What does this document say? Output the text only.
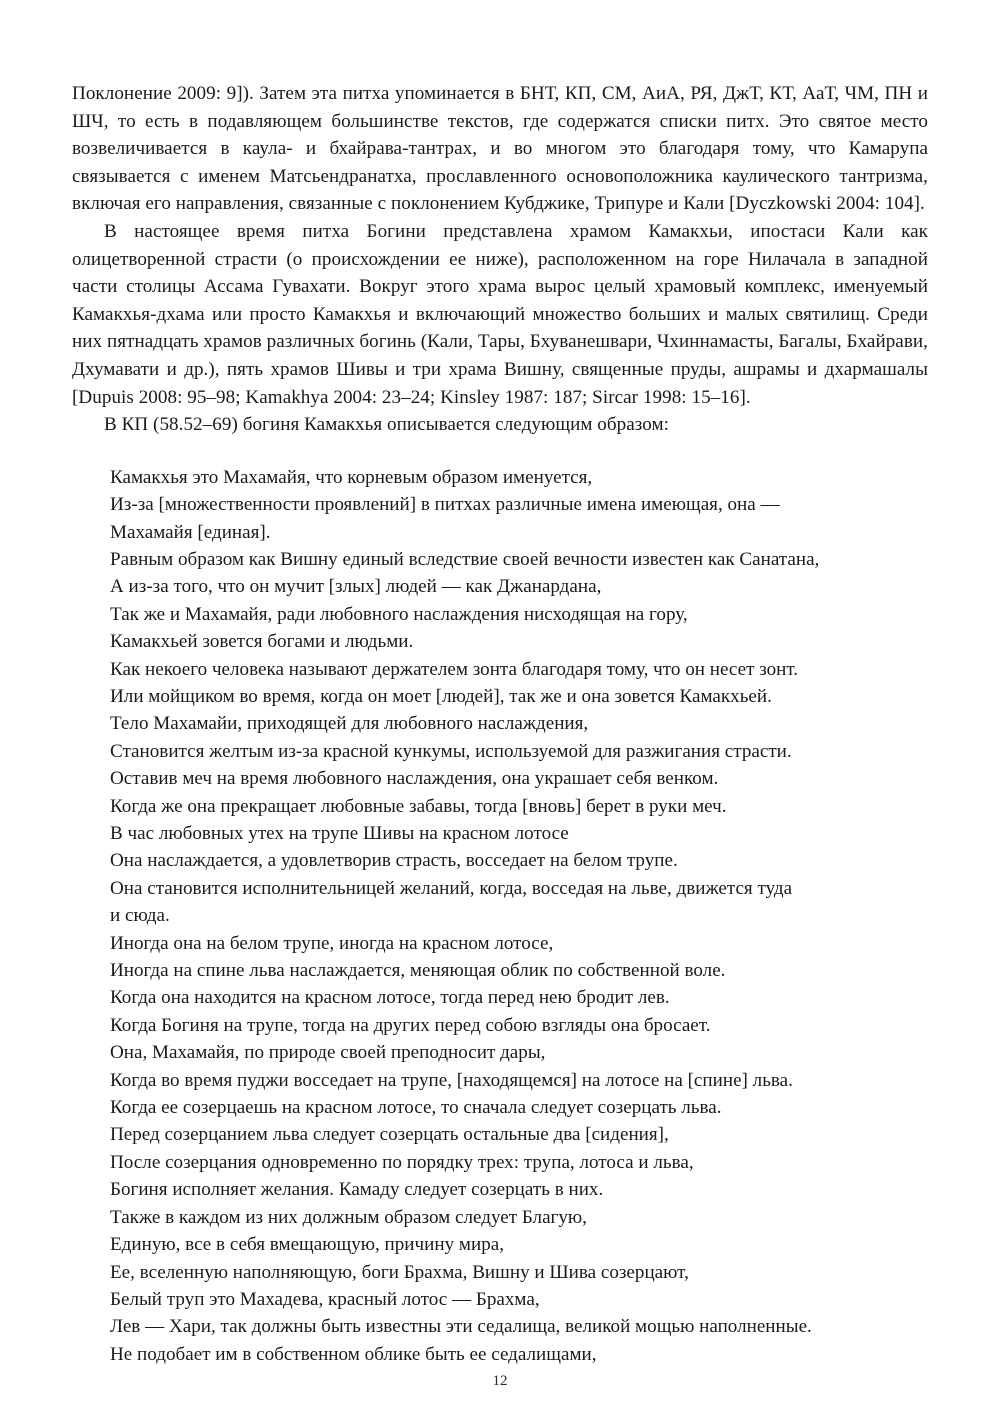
Поклонение 2009: 9]). Затем эта питха упоминается в БНТ, КП, СМ, АиА, РЯ, ДжТ, КТ, АаТ, ЧМ, ПН и ШЧ, то есть в подавляющем большинстве текстов, где содержатся списки питх. Это святое место возвеличивается в каула- и бхайрава-тантрах, и во многом это благодаря тому, что Камарупа связывается с именем Матсьендранатха, прославленного основоположника каулического тантризма, включая его направления, связанные с поклонением Кубджике, Трипуре и Кали [Dyczkowski 2004: 104].

В настоящее время питха Богини представлена храмом Камакхьи, ипостаси Кали как олицетворенной страсти (о происхождении ее ниже), расположенном на горе Нилачала в западной части столицы Ассама Гувахати. Вокруг этого храма вырос целый храмовый комплекс, именуемый Камакхья-дхама или просто Камакхья и включающий множество больших и малых святилищ. Среди них пятнадцать храмов различных богинь (Кали, Тары, Бхуванешвари, Чхиннамасты, Багалы, Бхайрави, Дхумавати и др.), пять храмов Шивы и три храма Вишну, священные пруды, ашрамы и дхармашалы [Dupuis 2008: 95–98; Kamakhya 2004: 23–24; Kinsley 1987: 187; Sircar 1998: 15–16].

В КП (58.52–69) богиня Камакхья описывается следующим образом:

Камакхья это Махамайя, что корневым образом именуется,

Из-за [множественности проявлений] в питхах различные имена имеющая, она —

Махамайя [единая].

Равным образом как Вишну единый вследствие своей вечности известен как Санатана,

А из-за того, что он мучит [злых] людей — как Джанардана,

Так же и Махамайя, ради любовного наслаждения нисходящая на гору,

Камакхьей зовется богами и людьми.

Как некоего человека называют держателем зонта благодаря тому, что он несет зонт.

Или мойщиком во время, когда он моет [людей], так же и она зовется Камакхьей.

Тело Махамайи, приходящей для любовного наслаждения,

Становится желтым из-за красной кункумы, используемой для разжигания страсти.

Оставив меч на время любовного наслаждения, она украшает себя венком.

Когда же она прекращает любовные забавы, тогда [вновь] берет в руки меч.

В час любовных утех на трупе Шивы на красном лотосе

Она наслаждается, а удовлетворив страсть, восседает на белом трупе.

Она становится исполнительницей желаний, когда, восседая на льве, движется туда

и сюда.

Иногда она на белом трупе, иногда на красном лотосе,

Иногда на спине льва наслаждается, меняющая облик по собственной воле.

Когда она находится на красном лотосе, тогда перед нею бродит лев.

Когда Богиня на трупе, тогда на других перед собою взгляды она бросает.

Она, Махамайя, по природе своей преподносит дары,

Когда во время пуджи восседает на трупе, [находящемся] на лотосе на [спине] льва.

Когда ее созерцаешь на красном лотосе, то сначала следует созерцать льва.

Перед созерцанием льва следует созерцать остальные два [сидения],

После созерцания одновременно по порядку трех: трупа, лотоса и льва,

Богиня исполняет желания. Камаду следует созерцать в них.

Также в каждом из них должным образом следует Благую,

Единую, все в себя вмещающую, причину мира,

Ее, вселенную наполняющую, боги Брахма, Вишну и Шива созерцают,

Белый труп это Махадева, красный лотос — Брахма,

Лев — Хари, так должны быть известны эти седалища, великой мощью наполненные.

Не подобает им в собственном облике быть ее седалищами,

12
